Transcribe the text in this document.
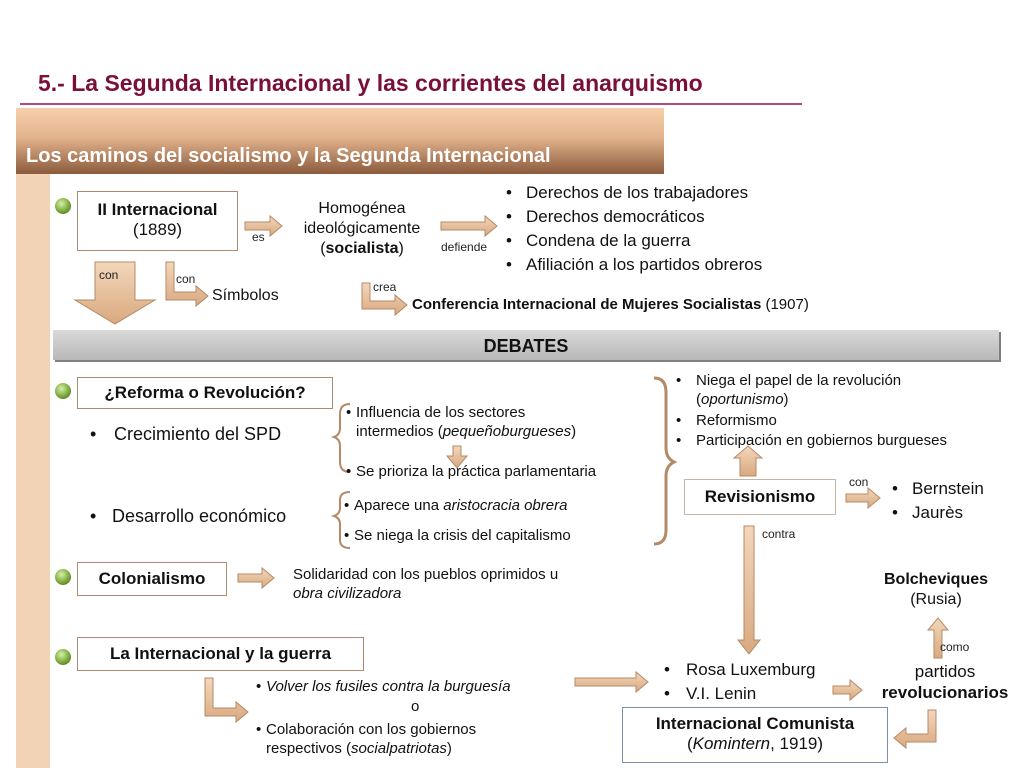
Los caminos del socialismo y la Segunda Internacional
5.- La Segunda Internacional y las corrientes del anarquismo
II Internacional
(1889)	es
Homogénea
ideológicamente
(socialista)	defiende
• Derechos de los trabajadores
• Derechos democráticos
• Condena de la guerra
• Afiliación a los partidos obreros
con	con
Símbolos	crea
Conferencia Internacional de Mujeres Socialistas (1907)
DEBATES
¿Reforma o Revolución?
• Crecimiento del SPD
• Desarrollo económico
• Influencia de los sectores
intermedios (pequeñoburgueses)
• Se prioriza la práctica parlamentaria
• Aparece una aristocracia obrera
• Se niega la crisis del capitalismo
• Niega el papel de la revolución
(oportunismo)
• Reformismo
• Participación en gobiernos burgueses
Revisionismo
con • Bernstein
• Jaurès
contra
Colonialismo	Solidaridad con los pueblos oprimidos u
obra civilizadora
Bolcheviques
(Rusia)
como
La Internacional y la guerra
• Volver los fusiles contra la burguesía
o
• Colaboración con los gobiernos
respectivos (socialpatriotas)
• Rosa Luxemburg
• V.I. Lenin
partidos
revolucionarios
Internacional Comunista
(Komintern, 1919)
